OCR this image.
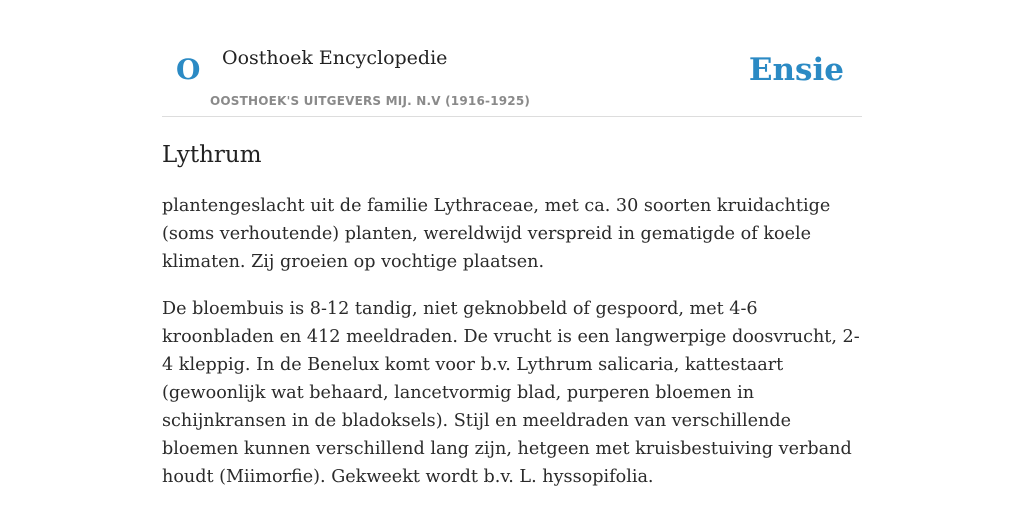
O Oosthoek Encyclopedie
OOSTHOEK'S UITGEVERS MIJ. N.V (1916-1925)
Ensie
Lythrum

plantengeslacht uit de familie Lythraceae, met ca. 30 soorten kruidachtige (soms verhoutende) planten, wereldwijd verspreid in gematigde of koele klimaten. Zij groeien op vochtige plaatsen.

De bloembuis is 8-12 tandig, niet geknobbeld of gespoord, met 4-6 kroonbladen en 412 meeldraden. De vrucht is een langwerpige doosvrucht, 2-4 kleppig. In de Benelux komt voor b.v. Lythrum salicaria, kattestaart (gewoonlijk wat behaard, lancetvormig blad, purperen bloemen in schijnkransen in de bladoksels). Stijl en meeldraden van verschillende bloemen kunnen verschillend lang zijn, hetgeen met kruisbestuiving verband houdt (Miimorfie). Gekweekt wordt b.v. L. hyssopifolia.
